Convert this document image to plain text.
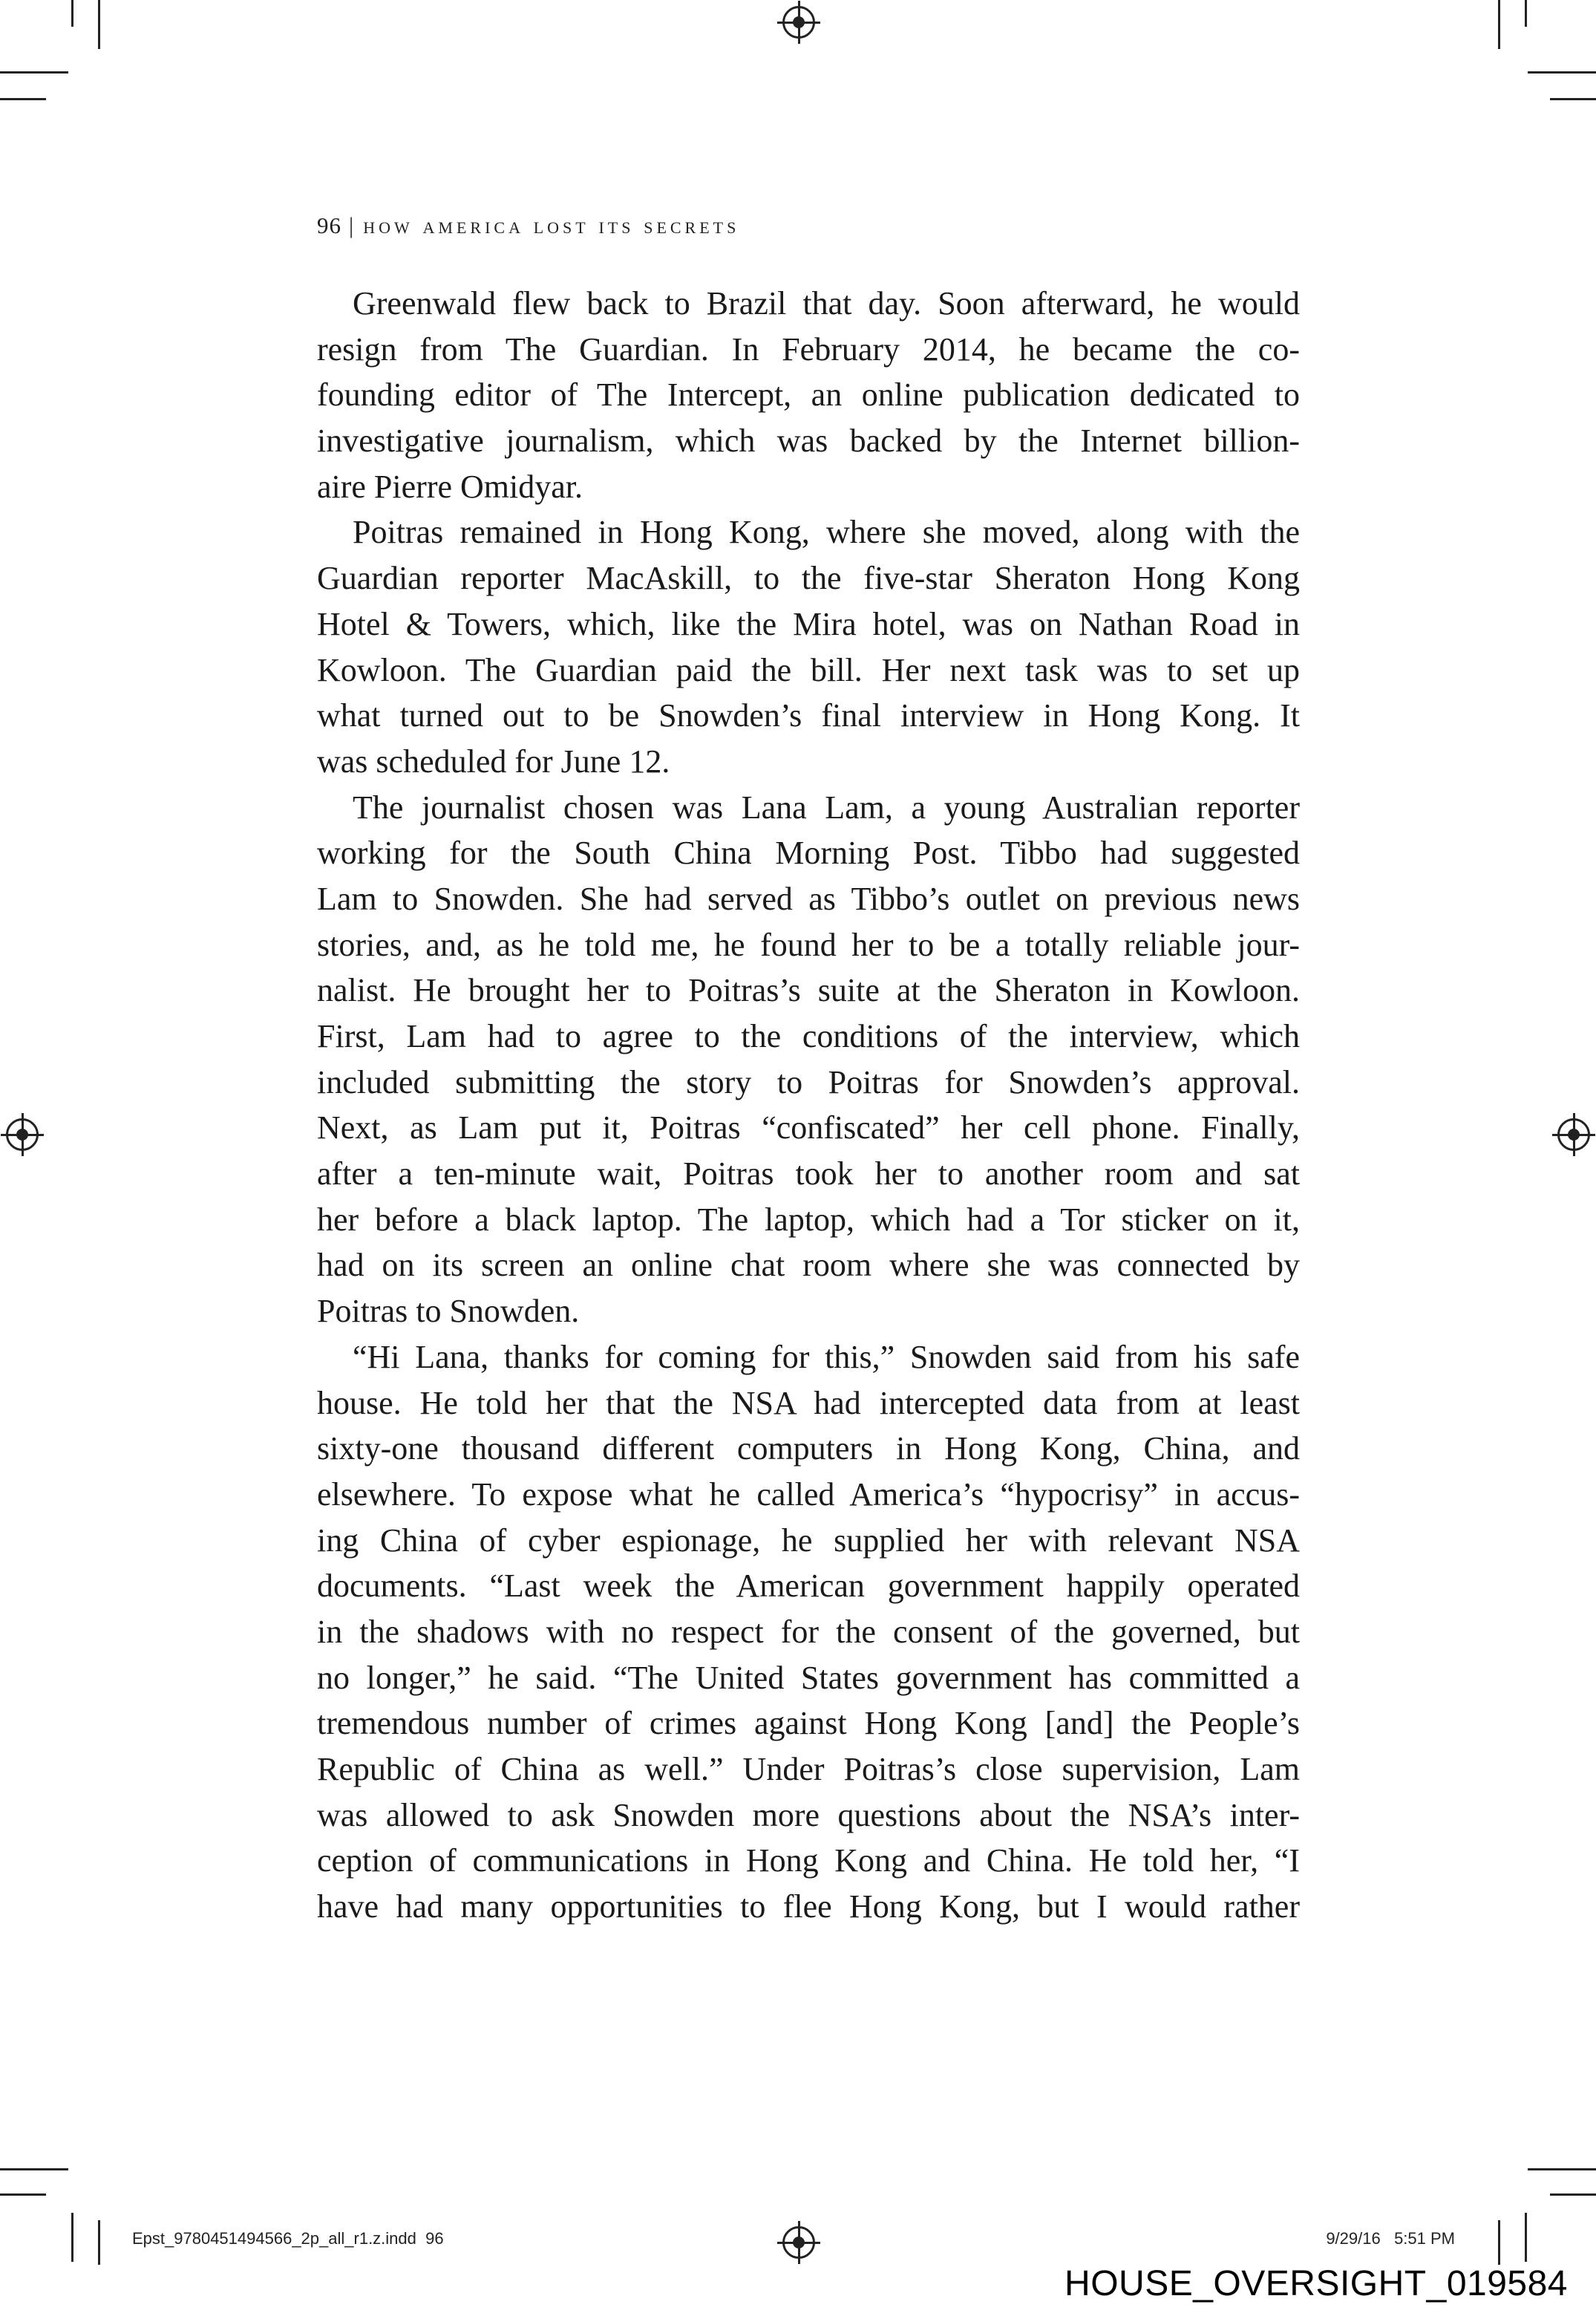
96 | how america lost its secrets
Greenwald flew back to Brazil that day. Soon afterward, he would
resign from The Guardian. In February 2014, he became the co-
founding editor of The Intercept, an online publication dedicated to
investigative journalism, which was backed by the Internet billion-
aire Pierre Omidyar.
Poitras remained in Hong Kong, where she moved, along with the
Guardian reporter MacAskill, to the five-star Sheraton Hong Kong
Hotel & Towers, which, like the Mira hotel, was on Nathan Road in
Kowloon. The Guardian paid the bill. Her next task was to set up
what turned out to be Snowden’s final interview in Hong Kong. It
was scheduled for June 12.
The journalist chosen was Lana Lam, a young Australian reporter
working for the South China Morning Post. Tibbo had suggested
Lam to Snowden. She had served as Tibbo’s outlet on previous news
stories, and, as he told me, he found her to be a totally reliable jour-
nalist. He brought her to Poitras’s suite at the Sheraton in Kowloon.
First, Lam had to agree to the conditions of the interview, which
included submitting the story to Poitras for Snowden’s approval.
Next, as Lam put it, Poitras “confiscated” her cell phone. Finally,
after a ten-minute wait, Poitras took her to another room and sat
her before a black laptop. The laptop, which had a Tor sticker on it,
had on its screen an online chat room where she was connected by
Poitras to Snowden.
“Hi Lana, thanks for coming for this,” Snowden said from his safe
house. He told her that the NSA had intercepted data from at least
sixty-one thousand different computers in Hong Kong, China, and
elsewhere. To expose what he called America’s “hypocrisy” in accus-
ing China of cyber espionage, he supplied her with relevant NSA
documents. “Last week the American government happily operated
in the shadows with no respect for the consent of the governed, but
no longer,” he said. “The United States government has committed a
tremendous number of crimes against Hong Kong [and] the People’s
Republic of China as well.” Under Poitras’s close supervision, Lam
was allowed to ask Snowden more questions about the NSA’s inter-
ception of communications in Hong Kong and China. He told her, “I
have had many opportunities to flee Hong Kong, but I would rather
Epst_9780451494566_2p_all_r1.z.indd 96	9/29/16 5:51 PM
HOUSE_OVERSIGHT_019584
